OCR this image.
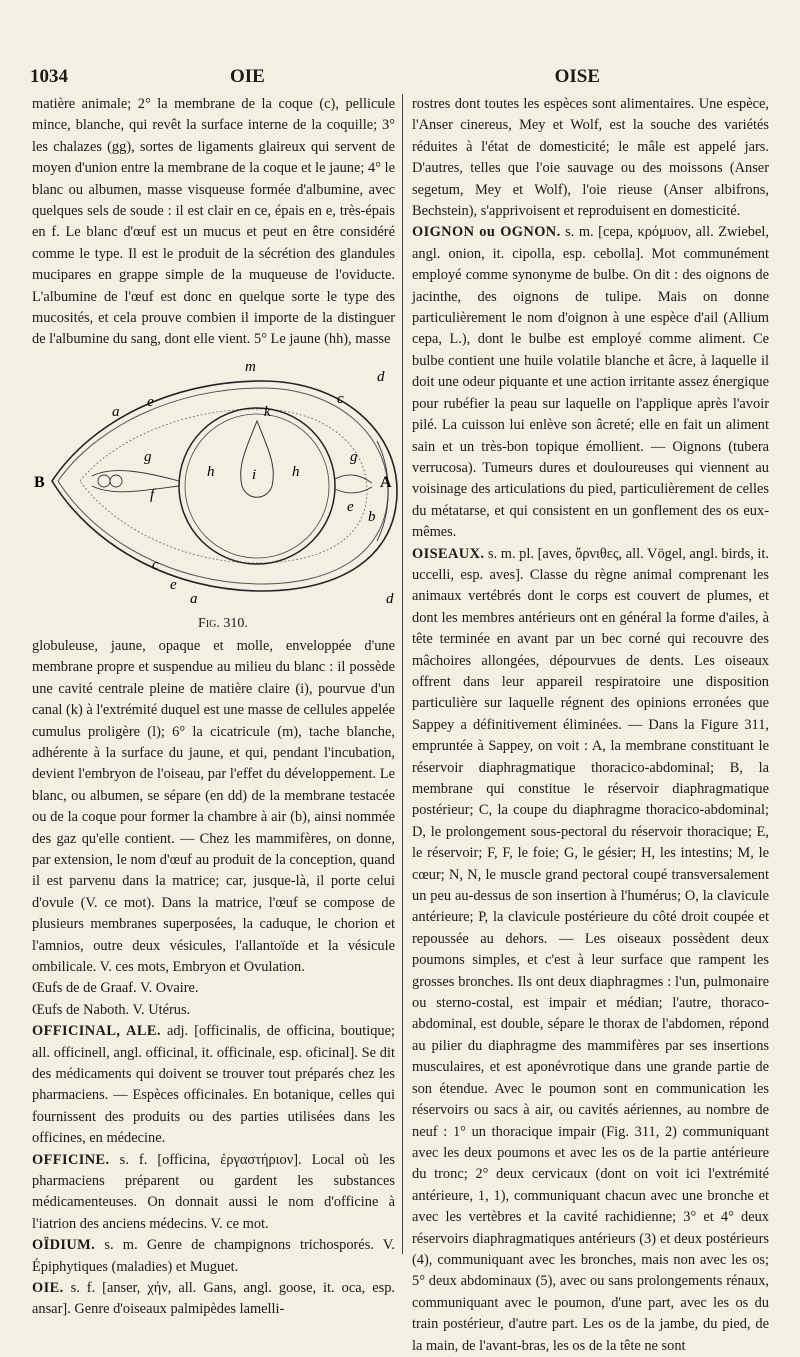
1034	OIE	OISE

matière animale; 2° la membrane de la coque (c), pellicule mince, blanche, qui revêt la surface interne de la coquille; 3° les chalazes (gg), sortes de ligaments glaireux qui servent de moyen d'union entre la membrane de la coque et le jaune; 4° le blanc ou albumen, masse visqueuse formée d'albumine, avec quelques sels de soude : il est clair en ce, épais en e, très-épais en f. Le blanc d'œuf est un mucus et peut en être considéré comme le type. Il est le produit de la sécrétion des glandules mucipares en grappe simple de la muqueuse de l'oviducte. L'albumine de l'œuf est donc en quelque sorte le type des mucosités, et cela prouve combien il importe de la distinguer de l'albumine du sang, dont elle vient. 5° Le jaune (hh), masse

m
d
a
e	c
g
h	i h
g
f
k
e
b
B	A
c
e
a	d
Fig. 310.

globuleuse, jaune, opaque et molle, enveloppée d'une membrane propre et suspendue au milieu du blanc : il possède une cavité centrale pleine de matière claire (i), pourvue d'un canal (k) à l'extrémité duquel est une masse de cellules appelée cumulus proligère (l); 6° la cicatricule (m), tache blanche, adhérente à la surface du jaune, et qui, pendant l'incubation, devient l'embryon de l'oiseau, par l'effet du développement. Le blanc, ou albumen, se sépare (en dd) de la membrane testacée ou de la coque pour former la chambre à air (b), ainsi nommée des gaz qu'elle contient. — Chez les mammifères, on donne, par extension, le nom d'œuf au produit de la conception, quand il est parvenu dans la matrice; car, jusque-là, il porte celui d'ovule (V. ce mot). Dans la matrice, l'œuf se compose de plusieurs membranes superposées, la caduque, le chorion et l'amnios, outre deux vésicules, l'allantoïde et la vésicule ombilicale. V. ces mots, Embryon et Ovulation.

Œufs de de Graaf. V. Ovaire.

Œufs de Naboth. V. Utérus.

OFFICINAL, ALE. adj. [officinalis, de officina, boutique; all. officinell, angl. officinal, it. officinale, esp. oficinal]. Se dit des médicaments qui doivent se trouver tout préparés chez les pharmaciens. — Espèces officinales. En botanique, celles qui fournissent des produits ou des parties utilisées dans les officines, en médecine.

OFFICINE. s. f. [officina, ἐργαστήριον]. Local où les pharmaciens préparent ou gardent les substances médicamenteuses. On donnait aussi le nom d'officine à l'iatrion des anciens médecins. V. ce mot.

OÏDIUM. s. m. Genre de champignons trichosporés. V. Épiphytiques (maladies) et Muguet.

OIE. s. f. [anser, χήν, all. Gans, angl. goose, it. oca, esp. ansar]. Genre d'oiseaux palmipèdes lamelli-

rostres dont toutes les espèces sont alimentaires. Une espèce, l'Anser cinereus, Mey et Wolf, est la souche des variétés réduites à l'état de domesticité; le mâle est appelé jars. D'autres, telles que l'oie sauvage ou des moissons (Anser segetum, Mey et Wolf), l'oie rieuse (Anser albifrons, Bechstein), s'apprivoisent et reproduisent en domesticité.

OIGNON ou OGNON. s. m. [cepa, κρόμυον, all. Zwiebel, angl. onion, it. cipolla, esp. cebolla]. Mot communément employé comme synonyme de bulbe. On dit : des oignons de jacinthe, des oignons de tulipe. Mais on donne particulièrement le nom d'oignon à une espèce d'ail (Allium cepa, L.), dont le bulbe est employé comme aliment. Ce bulbe contient une huile volatile blanche et âcre, à laquelle il doit une odeur piquante et une action irritante assez énergique pour rubéfier la peau sur laquelle on l'applique après l'avoir pilé. La cuisson lui enlève son âcreté; elle en fait un aliment sain et un très-bon topique émollient. — Oignons (tubera verrucosa). Tumeurs dures et douloureuses qui viennent au voisinage des articulations du pied, particulièrement de celles du métatarse, et qui consistent en un gonflement des os eux-mêmes.

OISEAUX. s. m. pl. [aves, ὄρνιθες, all. Vögel, angl. birds, it. uccelli, esp. aves]. Classe du règne animal comprenant les animaux vertébrés dont le corps est couvert de plumes, et dont les membres antérieurs ont en général la forme d'ailes, à tête terminée en avant par un bec corné qui recouvre des mâchoires allongées, dépourvues de dents. Les oiseaux offrent dans leur appareil respiratoire une disposition particulière sur laquelle régnent des opinions erronées que Sappey a définitivement éliminées. — Dans la Figure 311, empruntée à Sappey, on voit : A, la membrane constituant le réservoir diaphragmatique thoracico-abdominal; B, la membrane qui constitue le réservoir diaphragmatique postérieur; C, la coupe du diaphragme thoracico-abdominal; D, le prolongement sous-pectoral du réservoir thoracique; E, le réservoir; F, F, le foie; G, le gésier; H, les intestins; M, le cœur; N, N, le muscle grand pectoral coupé transversalement un peu au-dessus de son insertion à l'humérus; O, la clavicule antérieure; P, la clavicule postérieure du côté droit coupée et repoussée au dehors. — Les oiseaux possèdent deux poumons simples, et c'est à leur surface que rampent les grosses bronches. Ils ont deux diaphragmes : l'un, pulmonaire ou sterno-costal, est impair et médian; l'autre, thoraco-abdominal, est double, sépare le thorax de l'abdomen, répond au pilier du diaphragme des mammifères par ses insertions musculaires, et est aponévrotique dans une grande partie de son étendue. Avec le poumon sont en communication les réservoirs ou sacs à air, ou cavités aériennes, au nombre de neuf : 1° un thoracique impair (Fig. 311, 2) communiquant avec les deux poumons et avec les os de la partie antérieure du tronc; 2° deux cervicaux (dont on voit ici l'extrémité antérieure, 1, 1), communiquant chacun avec une bronche et avec les vertèbres et la cavité rachidienne; 3° et 4° deux réservoirs diaphragmatiques antérieurs (3) et deux postérieurs (4), communiquant avec les bronches, mais non avec les os; 5° deux abdominaux (5), avec ou sans prolongements rénaux, communiquant avec le poumon, d'une part, avec les os du train postérieur, d'autre part. Les os de la jambe, du pied, de la main, de l'avant-bras, les os de la tête ne sont
